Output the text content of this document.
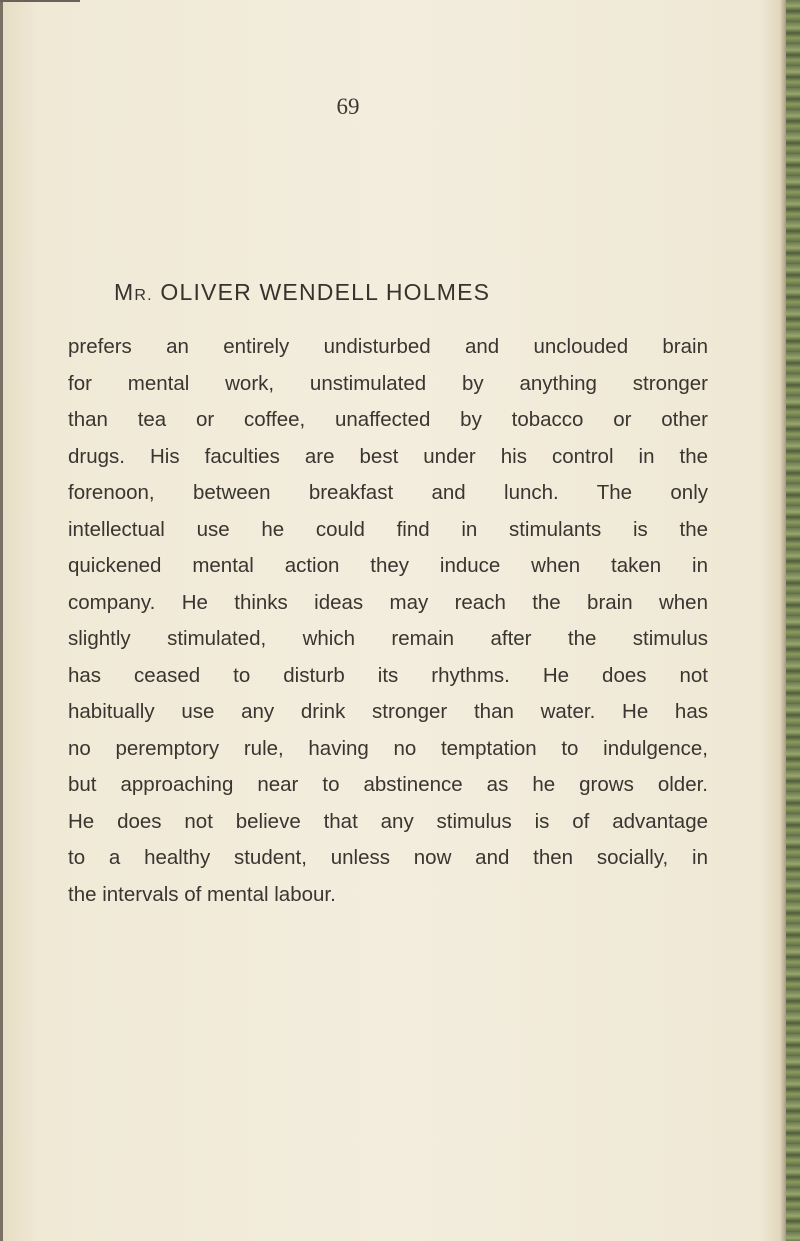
69
MR. OLIVER WENDELL HOLMES
prefers an entirely undisturbed and unclouded brain
for mental work, unstimulated by anything stronger
than tea or coffee, unaffected by tobacco or other
drugs. His faculties are best under his control in the
forenoon, between breakfast and lunch. The only
intellectual use he could find in stimulants is the
quickened mental action they induce when taken in
company. He thinks ideas may reach the brain when
slightly stimulated, which remain after the stimulus
has ceased to disturb its rhythms. He does not
habitually use any drink stronger than water. He has
no peremptory rule, having no temptation to indulgence,
but approaching near to abstinence as he grows older.
He does not believe that any stimulus is of advantage
to a healthy student, unless now and then socially, in
the intervals of mental labour.
